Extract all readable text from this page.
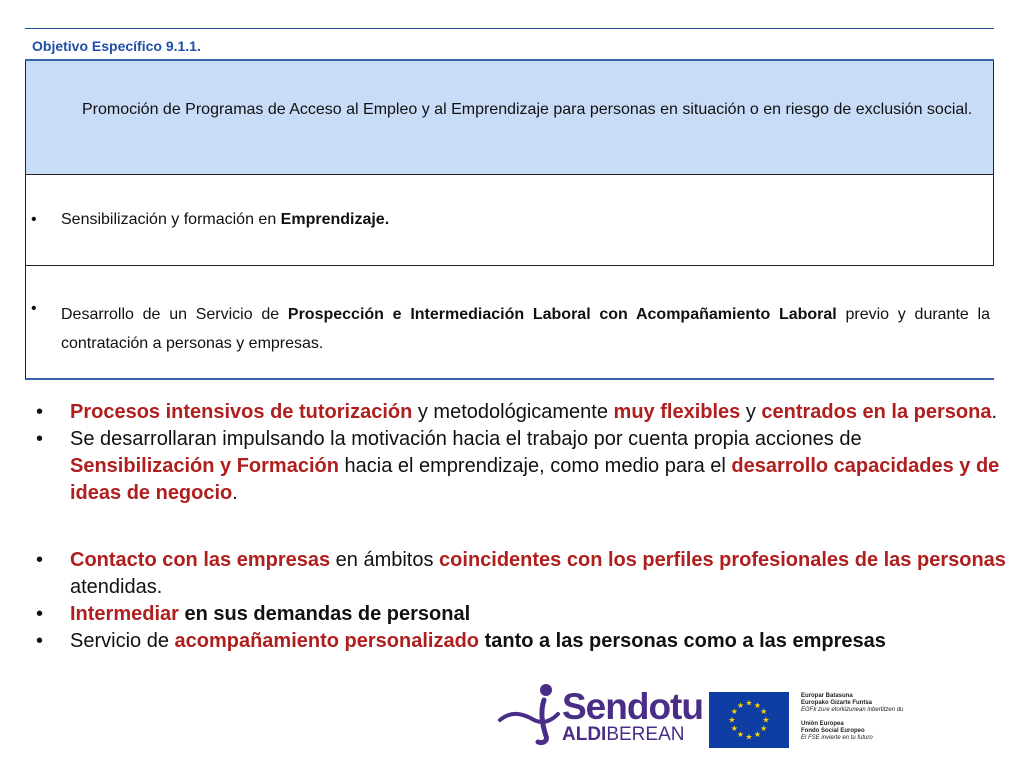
Objetivo Específico 9.1.1.
Promoción de Programas de Acceso al Empleo y al Emprendizaje para personas en situación o en riesgo de exclusión social.
• Sensibilización y formación en Emprendizaje.
• Desarrollo de un Servicio de Prospección e Intermediación Laboral con Acompañamiento Laboral previo y durante la contratación a personas y empresas.
• Procesos intensivos de tutorización y metodológicamente muy flexibles y centrados en la persona.
• Se desarrollaran impulsando la motivación hacia el trabajo por cuenta propia acciones de Sensibilización y Formación hacia el emprendizaje, como medio para el desarrollo capacidades y de ideas de negocio.
• Contacto con las empresas en ámbitos coincidentes con los perfiles profesionales de las personas atendidas.
• Intermediar en sus demandas de personal
• Servicio de acompañamiento personalizado tanto a las personas como a las empresas
Sendotu
ALDIBEREAN
★ ★
★
★
★
★
★
★
★
★
★
★
Europar Batasuna
Europako Gizarte Funtsa
EGFk zure etorkizunean inbertitzen du

Unión Europea
Fondo Social Europeo
El FSE invierte en tu futuro
